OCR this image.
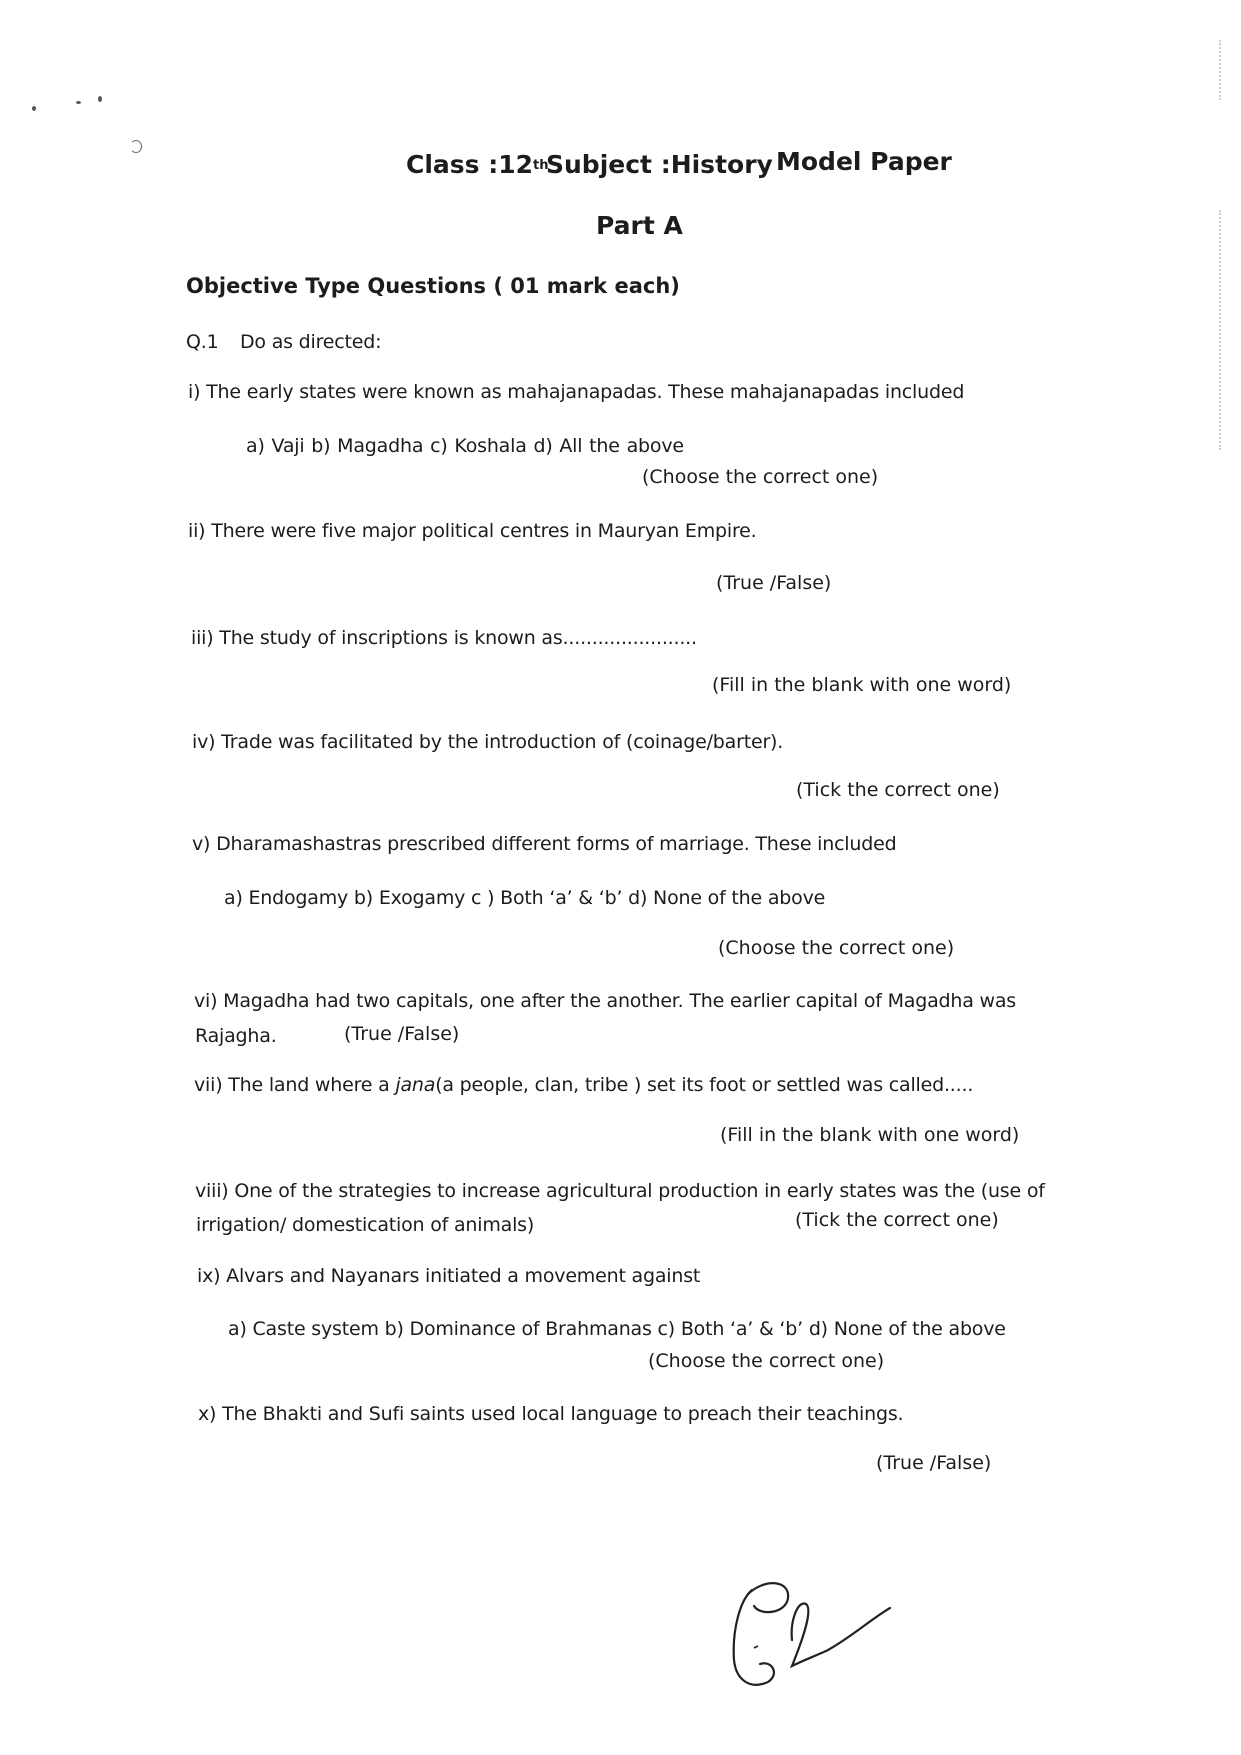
Class :12th
Subject :History Model Paper
Part A
Objective Type Questions ( 01 mark each)
Q.1 Do as directed:
i) The early states were known as mahajanapadas. These mahajanapadas included
a) Vaji b) Magadha c) Koshala d) All the above
(Choose the correct one)
ii) There were five major political centres in Mauryan Empire.
(True /False)
iii) The study of inscriptions is known as.......................
(Fill in the blank with one word)
iv) Trade was facilitated by the introduction of (coinage/barter).
(Tick the correct one)
v) Dharamashastras prescribed different forms of marriage. These included
a) Endogamy b) Exogamy c ) Both ‘a’ & ‘b’ d) None of the above
(Choose the correct one)
vi) Magadha had two capitals, one after the another. The earlier capital of Magadha was
Rajagha.	(True /False)
vii) The land where a jana(a people, clan, tribe ) set its foot or settled was called.....
(Fill in the blank with one word)
viii) One of the strategies to increase agricultural production in early states was the (use of
irrigation/ domestication of animals)	(Tick the correct one)
ix) Alvars and Nayanars initiated a movement against
a) Caste system b) Dominance of Brahmanas c) Both ‘a’ & ‘b’ d) None of the above
(Choose the correct one)
x) The Bhakti and Sufi saints used local language to preach their teachings.
(True /False)
